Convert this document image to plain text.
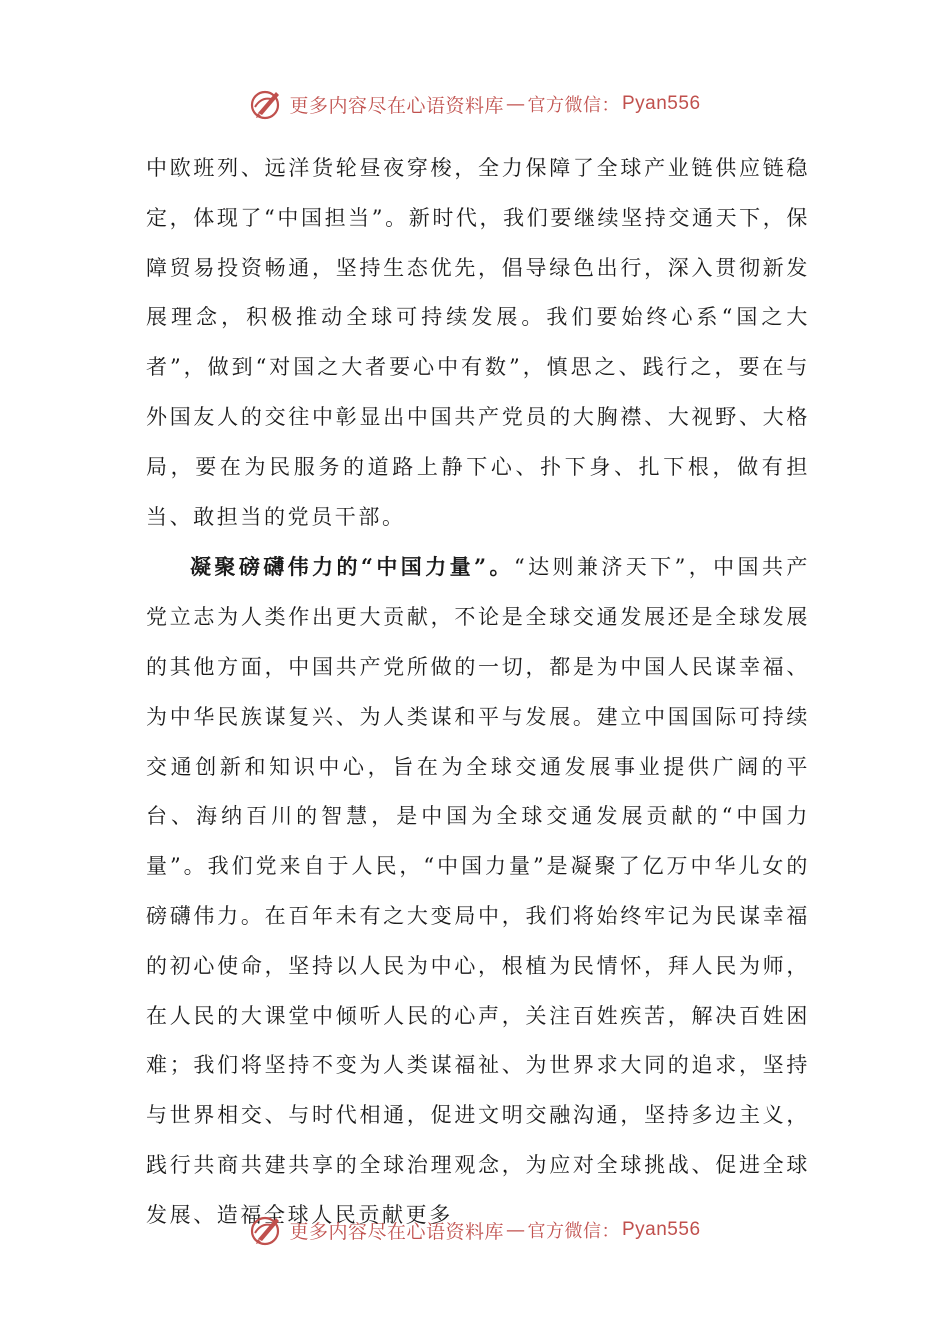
更多内容尽在心语资料库 — 官方微信： Pyan556

中欧班列、远洋货轮昼夜穿梭，全力保障了全球产业链供应链稳定，体现了“中国担当”。新时代，我们要继续坚持交通天下，保障贸易投资畅通，坚持生态优先，倡导绿色出行，深入贯彻新发展理念，积极推动全球可持续发展。我们要始终心系“国之大者”，做到“对国之大者要心中有数”，慎思之、践行之，要在与外国友人的交往中彰显出中国共产党员的大胸襟、大视野、大格局，要在为民服务的道路上静下心、扑下身、扎下根，做有担当、敢担当的党员干部。

凝聚磅礴伟力的“中国力量”。“达则兼济天下”，中国共产党立志为人类作出更大贡献，不论是全球交通发展还是全球发展的其他方面，中国共产党所做的一切，都是为中国人民谋幸福、为中华民族谋复兴、为人类谋和平与发展。建立中国国际可持续交通创新和知识中心，旨在为全球交通发展事业提供广阔的平台、海纳百川的智慧，是中国为全球交通发展贡献的“中国力量”。我们党来自于人民，“中国力量”是凝聚了亿万中华儿女的磅礴伟力。在百年未有之大变局中，我们将始终牢记为民谋幸福的初心使命，坚持以人民为中心，根植为民情怀，拜人民为师，在人民的大课堂中倾听人民的心声，关注百姓疾苦，解决百姓困难；我们将坚持不变为人类谋福祉、为世界求大同的追求，坚持与世界相交、与时代相通，促进文明交融沟通，坚持多边主义，践行共商共建共享的全球治理观念，为应对全球挑战、促进全球发展、造福全球人民贡献更多

更多内容尽在心语资料库 — 官方微信： Pyan556
